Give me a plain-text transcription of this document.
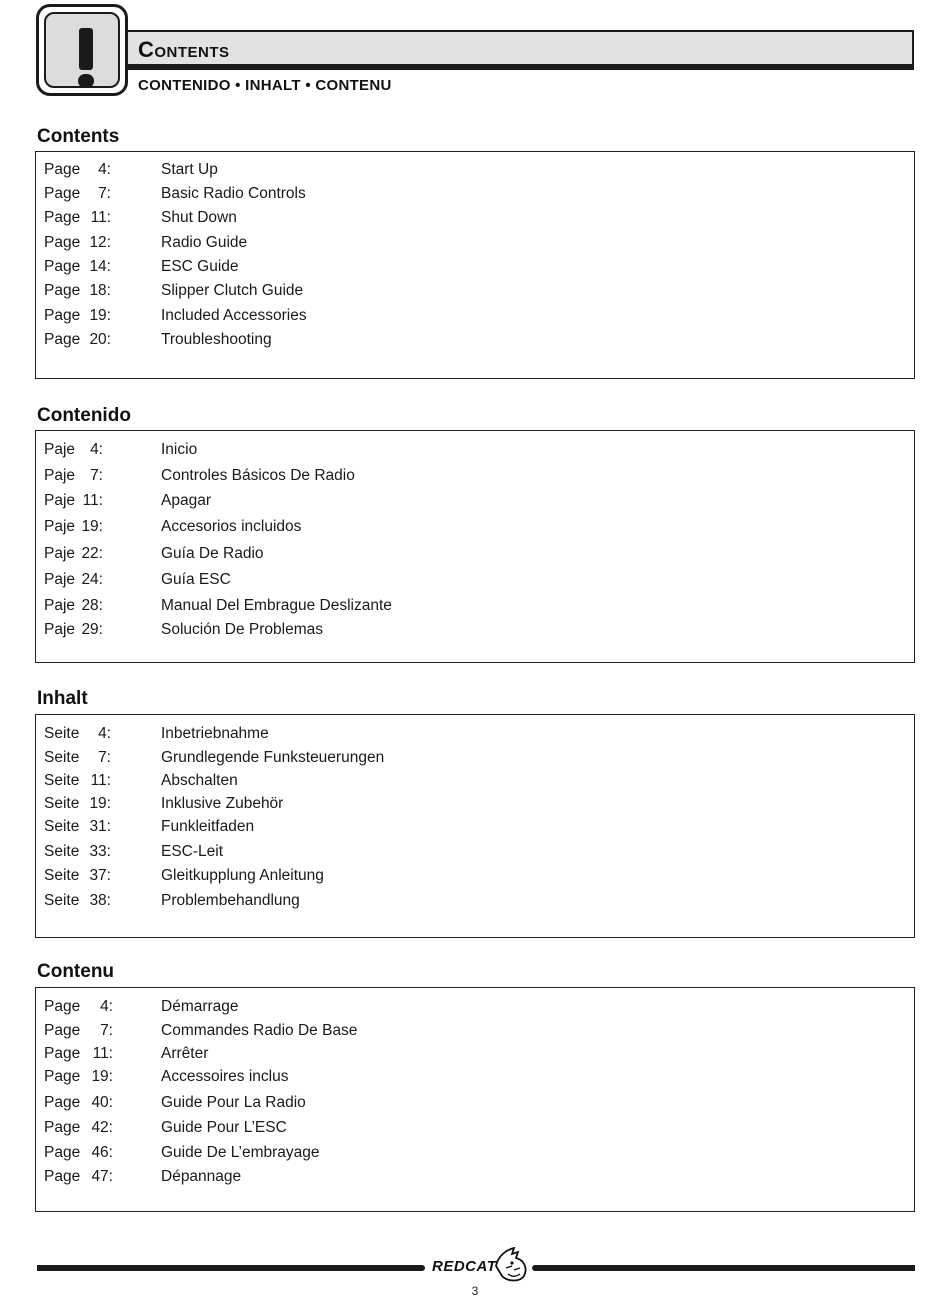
Contents
CONTENIDO • INHALT • CONTENU
Contents
Page	4:	Start Up
Page	7:	Basic Radio Controls
Page 11:	Shut Down
Page 12:	Radio Guide
Page 14:	ESC Guide
Page 18:	Slipper Clutch Guide
Page 19:	Included Accessories
Page 20:	Troubleshooting
Contenido
Paje 4:	Inicio
Paje 7:	Controles Básicos De Radio
Paje 11:	Apagar
Paje 19:	Accesorios incluidos
Paje 22:	Guía De Radio
Paje 24:	Guía ESC
Paje 28:	Manual Del Embrague Deslizante
Paje 29:	Solución De Problemas
Inhalt
Seite	4:	Inbetriebnahme
Seite	7:	Grundlegende Funksteuerungen
Seite 11:	Abschalten
Seite 19:	Inklusive Zubehör
Seite 31:	Funkleitfaden
Seite 33:	ESC-Leit
Seite 37:	Gleitkupplung Anleitung
Seite 38:	Problembehandlung
Contenu
Page	4:	Démarrage
Page	7:	Commandes Radio De Base
Page 11:	Arrêter
Page 19:	Accessoires inclus
Page 40:	Guide Pour La Radio
Page 42:	Guide Pour L’ESC
Page 46:	Guide De L’embrayage
Page 47:	Dépannage
REDCAT
3
